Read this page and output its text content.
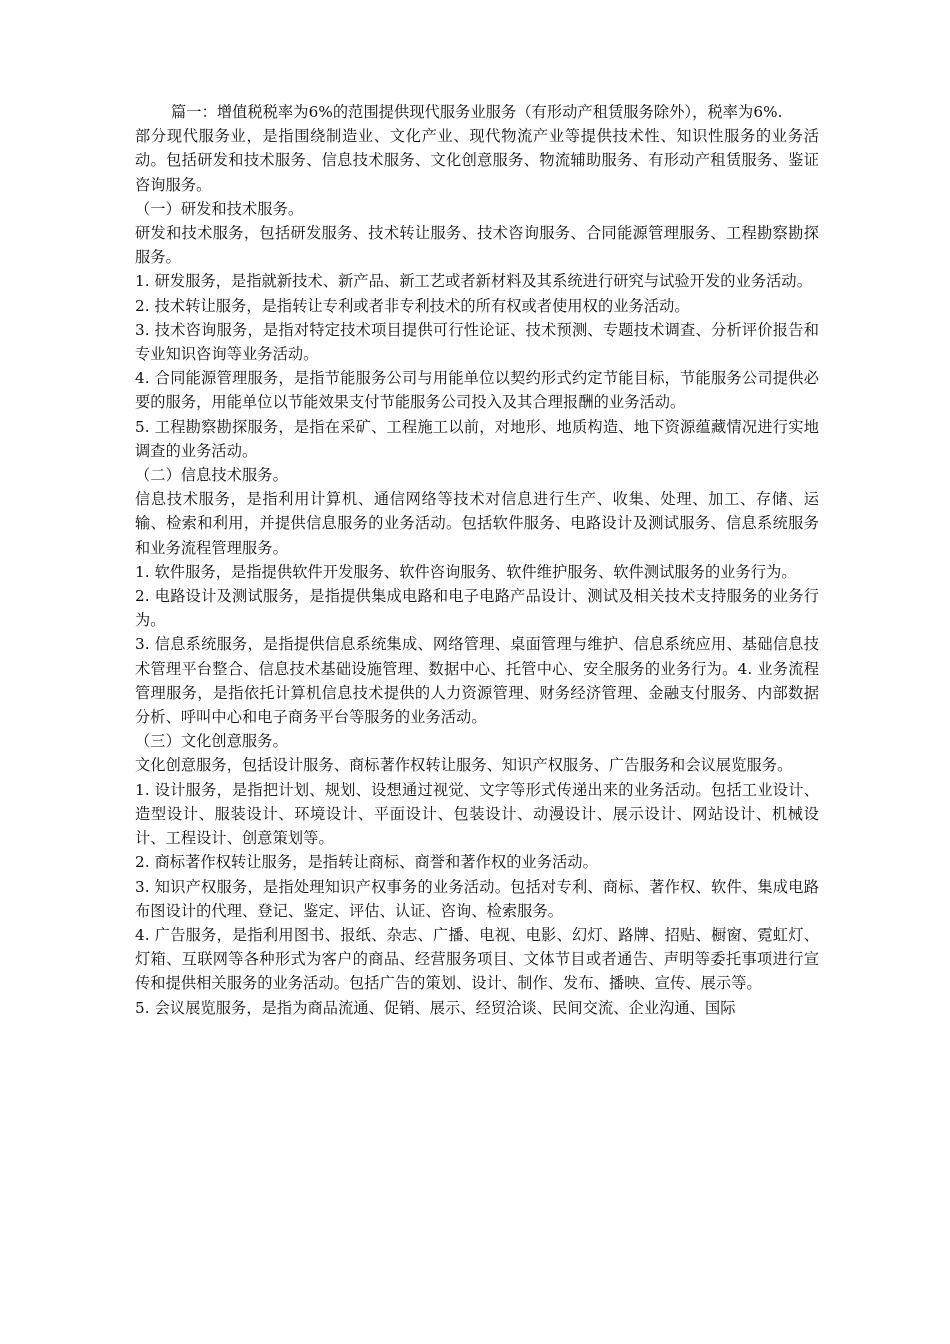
篇一：增值税税率为6%的范围提供现代服务业服务（有形动产租赁服务除外），税率为6%.

部分现代服务业，是指围绕制造业、文化产业、现代物流产业等提供技术性、知识性服务的业务活动。包括研发和技术服务、信息技术服务、文化创意服务、物流辅助服务、有形动产租赁服务、鉴证咨询服务。

（一）研发和技术服务。

研发和技术服务，包括研发服务、技术转让服务、技术咨询服务、合同能源管理服务、工程勘察勘探服务。

1. 研发服务，是指就新技术、新产品、新工艺或者新材料及其系统进行研究与试验开发的业务活动。

2. 技术转让服务，是指转让专利或者非专利技术的所有权或者使用权的业务活动。

3. 技术咨询服务，是指对特定技术项目提供可行性论证、技术预测、专题技术调查、分析评价报告和专业知识咨询等业务活动。

4. 合同能源管理服务，是指节能服务公司与用能单位以契约形式约定节能目标，节能服务公司提供必要的服务，用能单位以节能效果支付节能服务公司投入及其合理报酬的业务活动。

5. 工程勘察勘探服务，是指在采矿、工程施工以前，对地形、地质构造、地下资源蕴藏情况进行实地调查的业务活动。

（二）信息技术服务。

信息技术服务，是指利用计算机、通信网络等技术对信息进行生产、收集、处理、加工、存储、运输、检索和利用，并提供信息服务的业务活动。包括软件服务、电路设计及测试服务、信息系统服务和业务流程管理服务。

1. 软件服务，是指提供软件开发服务、软件咨询服务、软件维护服务、软件测试服务的业务行为。

2. 电路设计及测试服务，是指提供集成电路和电子电路产品设计、测试及相关技术支持服务的业务行为。

3. 信息系统服务，是指提供信息系统集成、网络管理、桌面管理与维护、信息系统应用、基础信息技术管理平台整合、信息技术基础设施管理、数据中心、托管中心、安全服务的业务行为。4. 业务流程管理服务，是指依托计算机信息技术提供的人力资源管理、财务经济管理、金融支付服务、内部数据分析、呼叫中心和电子商务平台等服务的业务活动。

（三）文化创意服务。

文化创意服务，包括设计服务、商标著作权转让服务、知识产权服务、广告服务和会议展览服务。

1. 设计服务，是指把计划、规划、设想通过视觉、文字等形式传递出来的业务活动。包括工业设计、造型设计、服装设计、环境设计、平面设计、包装设计、动漫设计、展示设计、网站设计、机械设计、工程设计、创意策划等。

2. 商标著作权转让服务，是指转让商标、商誉和著作权的业务活动。

3. 知识产权服务，是指处理知识产权事务的业务活动。包括对专利、商标、著作权、软件、集成电路布图设计的代理、登记、鉴定、评估、认证、咨询、检索服务。

4. 广告服务，是指利用图书、报纸、杂志、广播、电视、电影、幻灯、路牌、招贴、橱窗、霓虹灯、灯箱、互联网等各种形式为客户的商品、经营服务项目、文体节目或者通告、声明等委托事项进行宣传和提供相关服务的业务活动。包括广告的策划、设计、制作、发布、播映、宣传、展示等。

5. 会议展览服务，是指为商品流通、促销、展示、经贸洽谈、民间交流、企业沟通、国际
